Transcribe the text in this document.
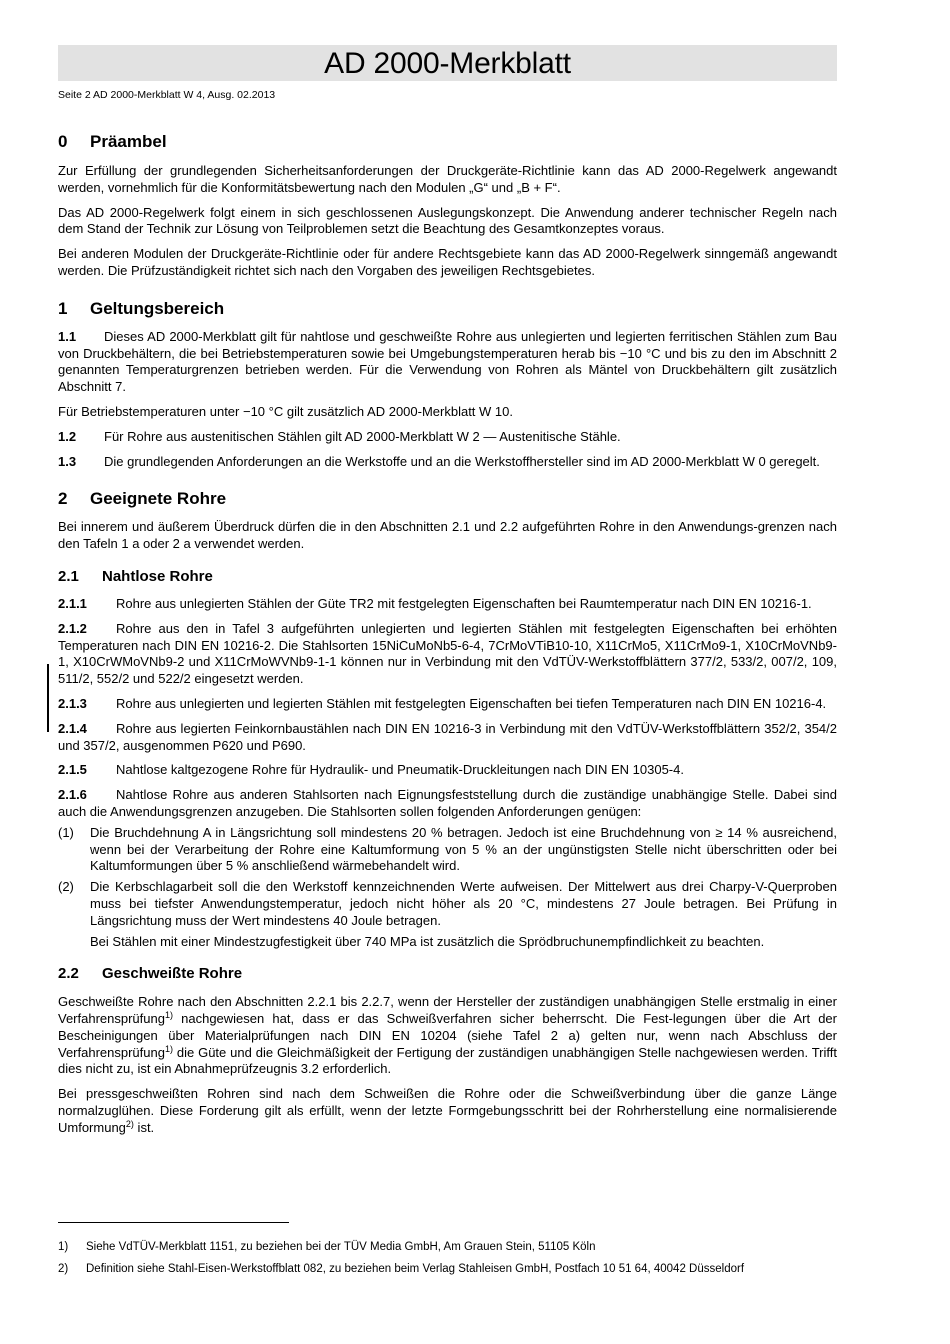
AD 2000-Merkblatt
Seite 2 AD 2000-Merkblatt W 4, Ausg. 02.2013
0 Präambel

Zur Erfüllung der grundlegenden Sicherheitsanforderungen der Druckgeräte-Richtlinie kann das AD 2000-Regelwerk angewandt werden, vornehmlich für die Konformitätsbewertung nach den Modulen „G“ und „B + F“.

Das AD 2000-Regelwerk folgt einem in sich geschlossenen Auslegungskonzept. Die Anwendung anderer technischer Regeln nach dem Stand der Technik zur Lösung von Teilproblemen setzt die Beachtung des Gesamtkonzeptes voraus.

Bei anderen Modulen der Druckgeräte-Richtlinie oder für andere Rechtsgebiete kann das AD 2000-Regelwerk sinngemäß angewandt werden. Die Prüfzuständigkeit richtet sich nach den Vorgaben des jeweiligen Rechtsgebietes.

1 Geltungsbereich

1.1 Dieses AD 2000-Merkblatt gilt für nahtlose und geschweißte Rohre aus unlegierten und legierten ferritischen Stählen zum Bau von Druckbehältern, die bei Betriebstemperaturen sowie bei Umgebungstemperaturen herab bis −10 °C und bis zu den im Abschnitt 2 genannten Temperaturgrenzen betrieben werden. Für die Verwendung von Rohren als Mäntel von Druckbehältern gilt zusätzlich Abschnitt 7.

Für Betriebstemperaturen unter −10 °C gilt zusätzlich AD 2000-Merkblatt W 10.

1.2 Für Rohre aus austenitischen Stählen gilt AD 2000-Merkblatt W 2 — Austenitische Stähle.

1.3 Die grundlegenden Anforderungen an die Werkstoffe und an die Werkstoffhersteller sind im AD 2000-Merkblatt W 0 geregelt.

2 Geeignete Rohre

Bei innerem und äußerem Überdruck dürfen die in den Abschnitten 2.1 und 2.2 aufgeführten Rohre in den Anwendungs-grenzen nach den Tafeln 1 a oder 2 a verwendet werden.

2.1 Nahtlose Rohre

2.1.1 Rohre aus unlegierten Stählen der Güte TR2 mit festgelegten Eigenschaften bei Raumtemperatur nach DIN EN 10216-1.

2.1.2 Rohre aus den in Tafel 3 aufgeführten unlegierten und legierten Stählen mit festgelegten Eigenschaften bei erhöhten Temperaturen nach DIN EN 10216-2. Die Stahlsorten 15NiCuMoNb5-6-4, 7CrMoVTiB10-10, X11CrMo5, X11CrMo9-1, X10CrMoVNb9-1, X10CrWMoVNb9-2 und X11CrMoWVNb9-1-1 können nur in Verbindung mit den VdTÜV-Werkstoffblättern 377/2, 533/2, 007/2, 109, 511/2, 552/2 und 522/2 eingesetzt werden.

2.1.3 Rohre aus unlegierten und legierten Stählen mit festgelegten Eigenschaften bei tiefen Temperaturen nach DIN EN 10216-4.

2.1.4 Rohre aus legierten Feinkornbaustählen nach DIN EN 10216-3 in Verbindung mit den VdTÜV-Werkstoffblättern 352/2, 354/2 und 357/2, ausgenommen P620 und P690.

2.1.5 Nahtlose kaltgezogene Rohre für Hydraulik- und Pneumatik-Druckleitungen nach DIN EN 10305-4.

2.1.6 Nahtlose Rohre aus anderen Stahlsorten nach Eignungsfeststellung durch die zuständige unabhängige Stelle. Dabei sind auch die Anwendungsgrenzen anzugeben. Die Stahlsorten sollen folgenden Anforderungen genügen:

(1) Die Bruchdehnung A in Längsrichtung soll mindestens 20 % betragen. Jedoch ist eine Bruchdehnung von ≥ 14 % ausreichend, wenn bei der Verarbeitung der Rohre eine Kaltumformung von 5 % an der ungünstigsten Stelle nicht überschritten oder bei Kaltumformungen über 5 % anschließend wärmebehandelt wird.

(2) Die Kerbschlagarbeit soll die den Werkstoff kennzeichnenden Werte aufweisen. Der Mittelwert aus drei Charpy-V-Querproben muss bei tiefster Anwendungstemperatur, jedoch nicht höher als 20 °C, mindestens 27 Joule betragen. Bei Prüfung in Längsrichtung muss der Wert mindestens 40 Joule betragen.

Bei Stählen mit einer Mindestzugfestigkeit über 740 MPa ist zusätzlich die Sprödbruchunempfindlichkeit zu beachten.

2.2 Geschweißte Rohre

Geschweißte Rohre nach den Abschnitten 2.2.1 bis 2.2.7, wenn der Hersteller der zuständigen unabhängigen Stelle erstmalig in einer Verfahrensprüfung$^{1)}$ nachgewiesen hat, dass er das Schweißverfahren sicher beherrscht. Die Fest-legungen über die Art der Bescheinigungen über Materialprüfungen nach DIN EN 10204 (siehe Tafel 2 a) gelten nur, wenn nach Abschluss der Verfahrensprüfung$^{1)}$ die Güte und die Gleichmäßigkeit der Fertigung der zuständigen unabhängigen Stelle nachgewiesen werden. Trifft dies nicht zu, ist ein Abnahmeprüfzeugnis 3.2 erforderlich.

Bei pressgeschweißten Rohren sind nach dem Schweißen die Rohre oder die Schweißverbindung über die ganze Länge normalzuglühen. Diese Forderung gilt als erfüllt, wenn der letzte Formgebungsschritt bei der Rohrherstellung eine normalisierende Umformung$^{2)}$ ist.

1) Siehe VdTÜV-Merkblatt 1151, zu beziehen bei der TÜV Media GmbH, Am Grauen Stein, 51105 Köln
2) Definition siehe Stahl-Eisen-Werkstoffblatt 082, zu beziehen beim Verlag Stahleisen GmbH, Postfach 10 51 64, 40042 Düsseldorf
